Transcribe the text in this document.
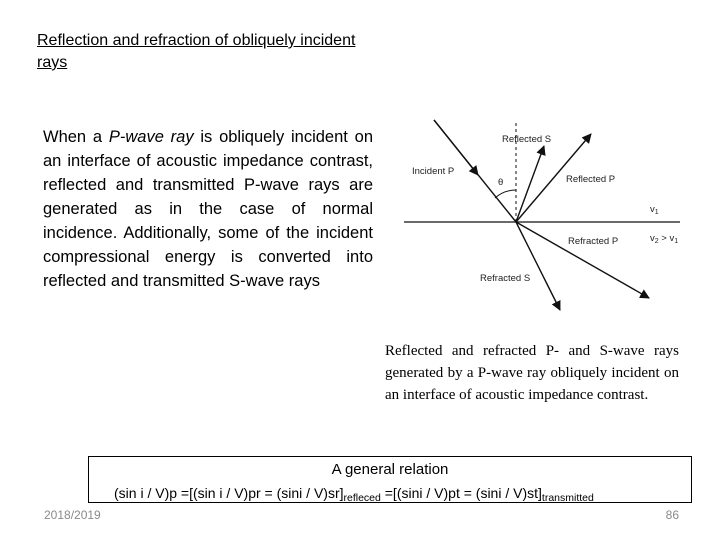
Reflection and refraction of obliquely incident rays
When a P-wave ray is obliquely incident on an interface of acoustic impedance contrast, reflected and transmitted P-wave rays are generated as in the case of normal incidence. Additionally, some of the incident compressional energy is converted into reflected and transmitted S-wave rays
Reflected S
Incident P
θ	Reflected P
$v_1$
$v_2 > v_1$
Refracted P
Refracted S
Reflected and refracted P- and S-wave rays generated by a P-wave ray obliquely incident on an interface of acoustic impedance contrast.
A general relation
(sin i / V)p =[(sin $i / V)pr = (\sin i / V)sr]_{refleced} =[(\sin i / V)pt = (\sin i / V)st]_{transmitted}$
2018/2019	86
